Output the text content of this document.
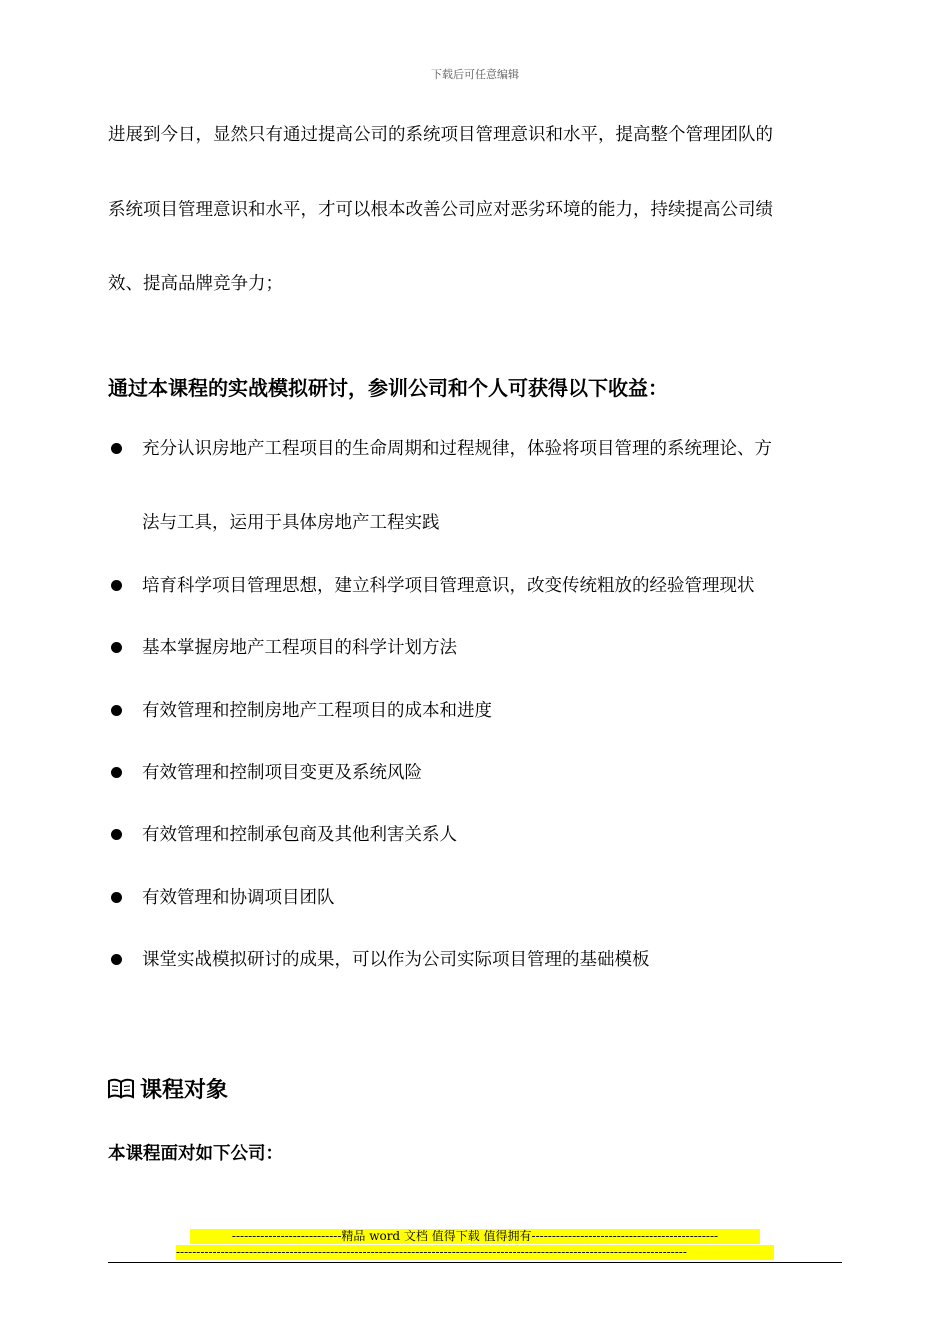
下载后可任意编辑
进展到今日，显然只有通过提高公司的系统项目管理意识和水平，提高整个管理团队的
系统项目管理意识和水平，才可以根本改善公司应对恶劣环境的能力，持续提高公司绩
效、提高品牌竞争力；
通过本课程的实战模拟研讨，参训公司和个人可获得以下收益：
充分认识房地产工程项目的生命周期和过程规律，体验将项目管理的系统理论、方
法与工具，运用于具体房地产工程实践
培育科学项目管理思想，建立科学项目管理意识，改变传统粗放的经验管理现状
基本掌握房地产工程项目的科学计划方法
有效管理和控制房地产工程项目的成本和进度
有效管理和控制项目变更及系统风险
有效管理和控制承包商及其他利害关系人
有效管理和协调项目团队
课堂实战模拟研讨的成果，可以作为公司实际项目管理的基础模板
课程对象
本课程面对如下公司：
---------------------------精品 word 文档 值得下载 值得拥有----------------------------------------------
------------------------------------------------------------------------------------------------------------------------------
